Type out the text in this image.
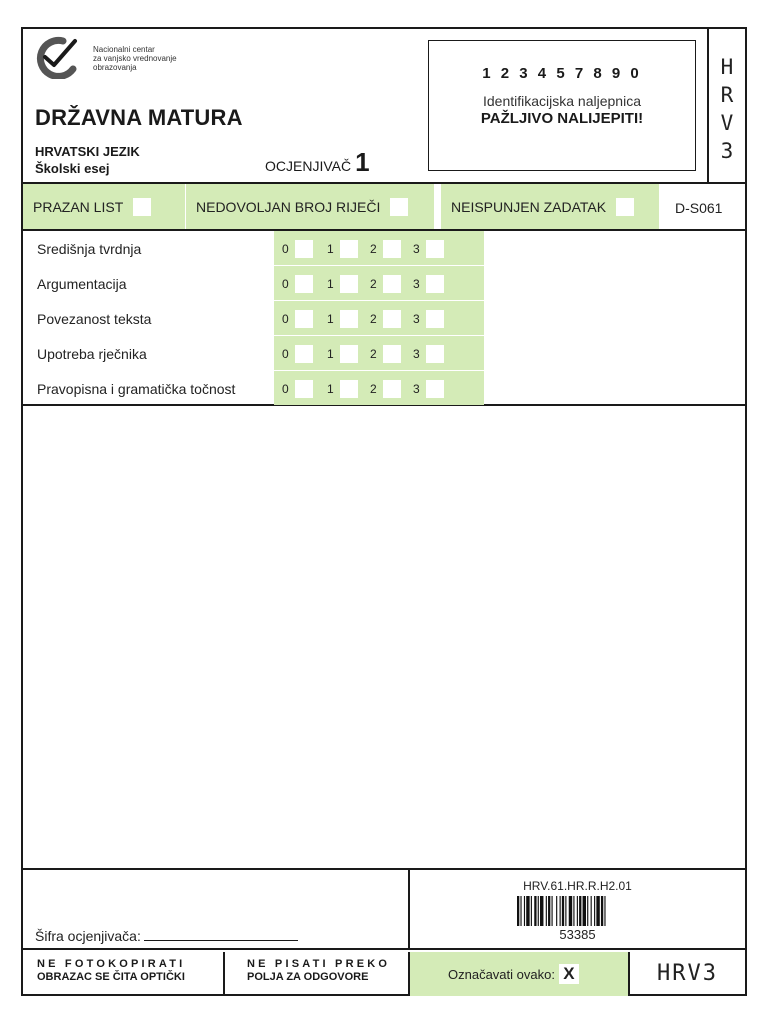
Nacionalni centar
za vanjsko vrednovanje
obrazovanja
DRŽAVNA MATURA
HRVATSKI JEZIK
Školski esej	OCJENJIVAČ 1
1 2 3 4 5 7 8 9 0
Identifikacijska naljepnica
PAŽLJIVO NALIJEPITI!
H
R
V
3
PRAZAN LIST	NEDOVOLJAN BROJ RIJEČI	NEISPUNJEN ZADATAK	D-S061
Središnja tvrdnja	0	1	2	3
Argumentacija	0	1	2	3
Povezanost teksta	0	1	2	3
Upotreba rječnika	0	1	2	3
Pravopisna i gramatička točnost	0	1	2	3
Šifra ocjenjivača:
HRV.61.HR.R.H2.01
53385
NE FOTOKOPIRATI
OBRAZAC SE ČITA OPTIČKI
NE PISATI PREKO
POLJA ZA ODGOVORE	Označavati ovako: X	HRV3
